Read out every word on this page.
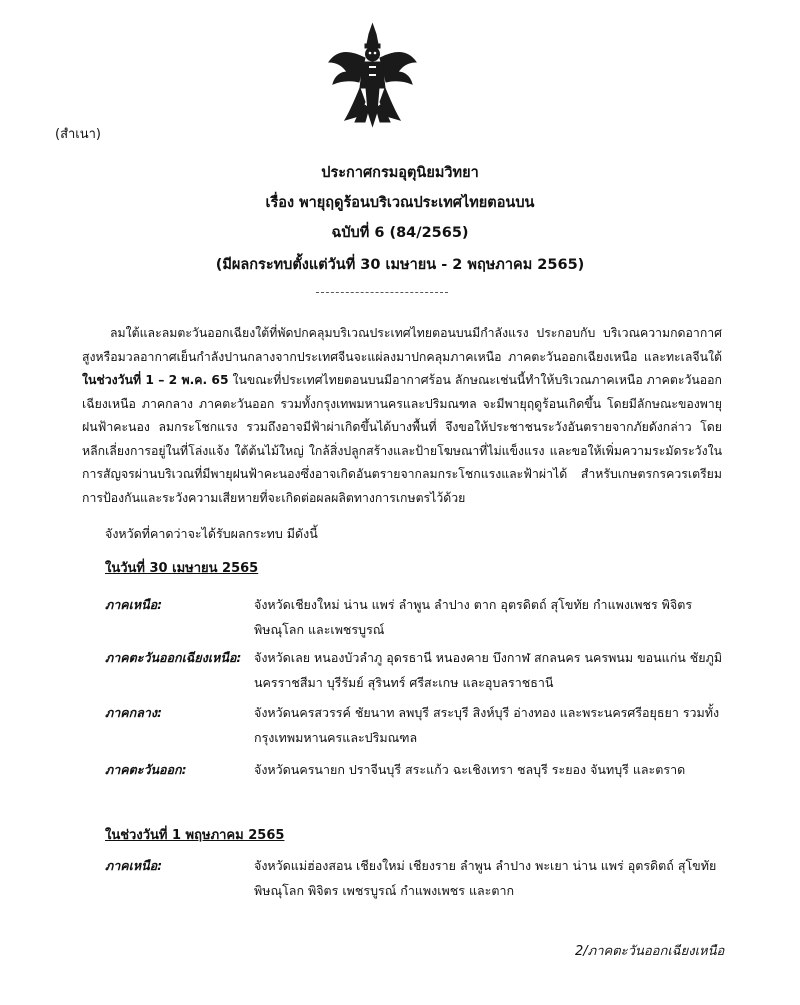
(สำเนา)
ประกาศกรมอุตุนิยมวิทยา
เรื่อง พายุฤดูร้อนบริเวณประเทศไทยตอนบน
ฉบับที่ 6 (84/2565)
(มีผลกระทบตั้งแต่วันที่ 30 เมษายน - 2 พฤษภาคม 2565)
ลมใต้และลมตะวันออกเฉียงใต้ที่พัดปกคลุมบริเวณประเทศไทยตอนบนมีกำลังแรง ประกอบกับ บริเวณความกดอากาศสูงหรือมวลอากาศเย็นกำลังปานกลางจากประเทศจีนจะแผ่ลงมาปกคลุมภาคเหนือ ภาคตะวันออกเฉียงเหนือ และทะเลจีนใต้ในช่วงวันที่ 1 – 2 พ.ค. 65 ในขณะที่ประเทศไทยตอนบนมีอากาศร้อน ลักษณะเช่นนี้ทำให้บริเวณภาคเหนือ ภาคตะวันออกเฉียงเหนือ ภาคกลาง ภาคตะวันออก รวมทั้งกรุงเทพมหานครและปริมณฑล จะมีพายุฤดูร้อนเกิดขึ้น โดยมีลักษณะของพายุฝนฟ้าคะนอง ลมกระโชกแรง รวมถึงอาจมีฟ้าผ่าเกิดขึ้นได้บางพื้นที่ จึงขอให้ประชาชนระวังอันตรายจากภัยดังกล่าว โดยหลีกเลี่ยงการอยู่ในที่โล่งแจ้ง ใต้ต้นไม้ใหญ่ ใกล้สิ่งปลูกสร้างและป้ายโฆษณาที่ไม่แข็งแรง และขอให้เพิ่มความระมัดระวังในการสัญจรผ่านบริเวณที่มีพายุฝนฟ้าคะนองซึ่งอาจเกิดอันตรายจากลมกระโชกแรงและฟ้าผ่าได้ สำหรับเกษตรกรควรเตรียมการป้องกันและระวังความเสียหายที่จะเกิดต่อผลผลิตทางการเกษตรไว้ด้วย
จังหวัดที่คาดว่าจะได้รับผลกระทบ มีดังนี้
ในวันที่ 30 เมษายน 2565
ภาคเหนือ:	จังหวัดเชียงใหม่ น่าน แพร่ ลำพูน ลำปาง ตาก อุตรดิตถ์ สุโขทัย กำแพงเพชร พิจิตร พิษณุโลก และเพชรบูรณ์
ภาคตะวันออกเฉียงเหนือ: จังหวัดเลย หนองบัวลำภู อุดรธานี หนองคาย บึงกาฬ สกลนคร นครพนม ขอนแก่น ชัยภูมิ นครราชสีมา บุรีรัมย์ สุรินทร์ ศรีสะเกษ และอุบลราชธานี
ภาคกลาง:	จังหวัดนครสวรรค์ ชัยนาท ลพบุรี สระบุรี สิงห์บุรี อ่างทอง และพระนครศรีอยุธยา รวมทั้งกรุงเทพมหานครและปริมณฑล
ภาคตะวันออก:	จังหวัดนครนายก ปราจีนบุรี สระแก้ว ฉะเชิงเทรา ชลบุรี ระยอง จันทบุรี และตราด
ในช่วงวันที่ 1 พฤษภาคม 2565
ภาคเหนือ:	จังหวัดแม่ฮ่องสอน เชียงใหม่ เชียงราย ลำพูน ลำปาง พะเยา น่าน แพร่ อุตรดิตถ์ สุโขทัย พิษณุโลก พิจิตร เพชรบูรณ์ กำแพงเพชร และตาก
2/ภาคตะวันออกเฉียงเหนือ
